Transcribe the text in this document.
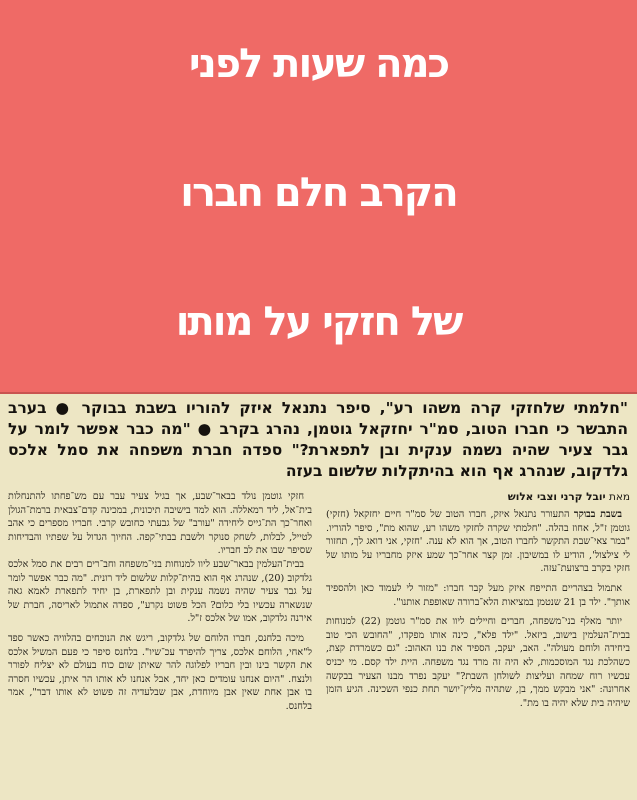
כמה שעות לפני
הקרב חלם חברו
של חזקי על מותו
"חלמתי שלחזקי קרה משהו רע", סיפר נתנאל איזק להוריו בשבת בבוקר ● בערב התבשר כי חברו הטוב, סמ"ר יחזקאל גוטמן, נהרג בקרב ● "מה כבר אפשר לומר על גבר צעיר שהיה נשמה ענקית ובן לתפארת?" ספדה חברת משפחה את סמל אלכס גלדקוב, שנהרג אף הוא בהיתקלות שלשום בעזה
מאת יובל קרני וצבי אלוש

בשבת בבוקר התעורר נתנאל איזק, חברו הטוב של סמ"ר חיים יחזקאל (חזקי) גוטמן ז"ל, אחוז בהלה. "חלמתי שקרה לחזקי משהו רע, שהוא מת", סיפר להוריו. "במר צאי־שבת התקשר לחברו הטוב, אך הוא לא ענה. 'חזקי, אני דואג לך, תחזור לי צילצול', הודיע לו במשיבון. זמן קצר אחר־כך שמע איזק מחבריו על מותו של חזקי בקרב ברצועת־עזה.

אתמול בצהריים התייפח איזק מעל קבר חברו: "מזור לי לעמוד כאן ולהספיד אותך". ילד בן 21 שנטמן במציאות הלא־ברורה שאופפת אותנו".

יותר מאלף בני־משפחה, חברים וחיילים ליוו את סמ"ר גוטמן (22) למנוחות בבית־העלמין בישוב, ביזאל. "ילד פלא", כינה אותו מפקדו, "החובש הכי טוב ביחידה ולוחם מעולה". האב, יעקב, הספיד את בנו האהוב: "גם כשמרדת קצת, כשהלכת נגד המוסכמות, לא היה זה מרד נגד משפחה. היית ילד קסם. מי יכניס עכשיו רוח שמחה ועליצות לשולחן השבת?" יעקב נפרד מבנו הצעיר בבקשה אחרונה: "אני מבקש ממך, בן, שתהיה מליץ־יושר תחת כנפי השכינה. הגיע הזמן שיהיה בית שלא יהיה בו מת".

חזקי גוטמן נולד בבאר־שבע, אך בגיל צעיר עבר עם מש־פחתו להתנחלות בית־אל, ליד רמאללה. הוא למד בישיבה תיכונית, במכינה קדם־צבאית ברמת־הגולן ואחר־כך הת־גייס ליחידה "עורב" של גבעתי כחובש קרבי. חבריו מספרים כי אהב לטייל, לבלות, לשחק סנוקר ולשבת בבתי־קפה. החיוך הגדול על שפתיו והבדיחות שסיפר שבו את לב חבריו.

בבית־העלמין בבאר־שבע ליוו למנוחות בני־משפחה וחב־רים רבים את סמל אלכס גלדקוב (20), שנהרג אף הוא בהית־קלות שלשום ליד רונית. "מה כבר אפשר לומר על גבר צעיר שהיה נשמה ענקית ובן לתפארת, בן יחיד לתפארת לאמא גאה שנשארה עכשיו בלי כלום? הכל פשוט נקרע", ספדה אתמול לאריסה, חברת של אירנה גלדקוב, אמו של אלכס ז"ל.

מיכה בלחנס, חברו הלוחם של גלדקוב, ריגש את הנוכחים בהלוויה כאשר ספד ל"אחי, הלוחם אלכס, צריך להיפרד עכ־שיו". בלחנס סיפר כי פעם המשיל אלכס את הקשר בינו ובין חבריו לפלוגה להר שאיתן שום כוח בעולם לא יצליח לפורר ולנצח. "היום אנחנו עומדים כאן יחד, אבל אנחנו לא אותו הר איתן, עכשיו חסרה בו אבן אחת שאין אבן מיוחדת, אבן שבלעדיה זה פשוט לא אותו דבר", אמר בלחנס.
